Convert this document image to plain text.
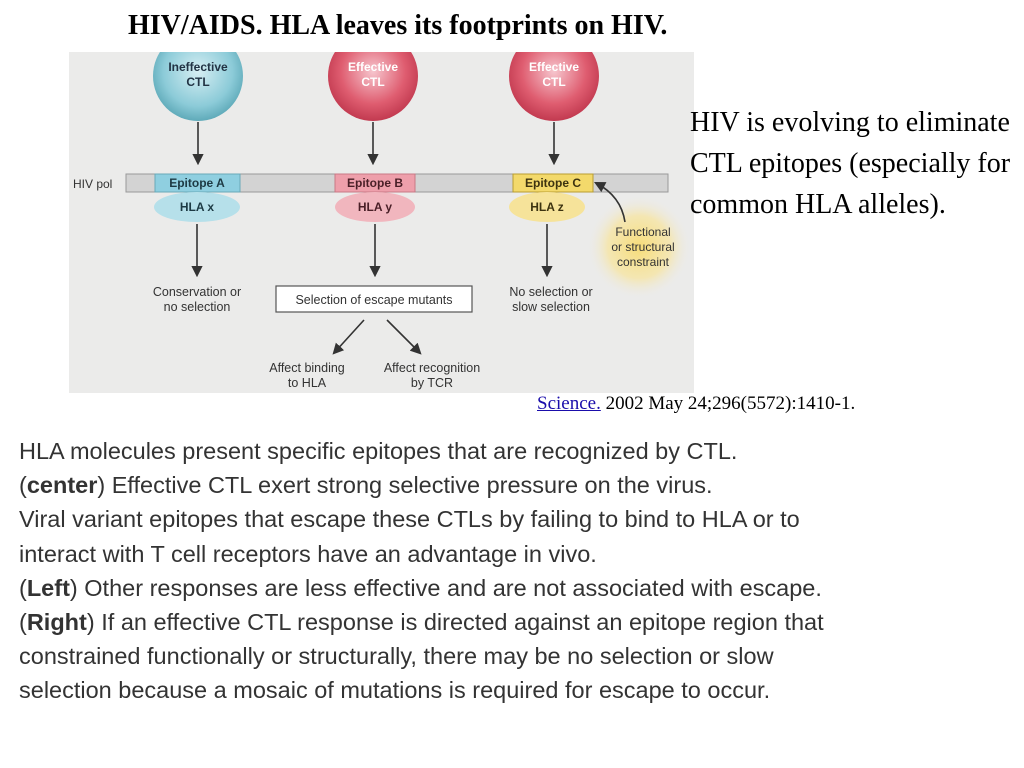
HIV/AIDS. HLA leaves its footprints on HIV.
Ineffective
CTL
Effective
CTL
Effective
CTL
HIV pol	Epitope A	Epitope B	Epitope C
HLA x	HLA y	HLA z
Functional
or structural
constraint
Conservation or
no selection	Selection of escape mutants
No selection or
slow selection
Affect binding
to HLA
Affect recognition
by TCR
HIV is evolving to eliminate CTL epitopes (especially for common HLA alleles).
Science. 2002 May 24;296(5572):1410-1.
HLA molecules present specific epitopes that are recognized by CTL.
(center) Effective CTL exert strong selective pressure on the virus.
Viral variant epitopes that escape these CTLs by failing to bind to HLA or to
interact with T cell receptors have an advantage in vivo.
(Left) Other responses are less effective and are not associated with escape.
(Right) If an effective CTL response is directed against an epitope region that
constrained functionally or structurally, there may be no selection or slow
selection because a mosaic of mutations is required for escape to occur.
